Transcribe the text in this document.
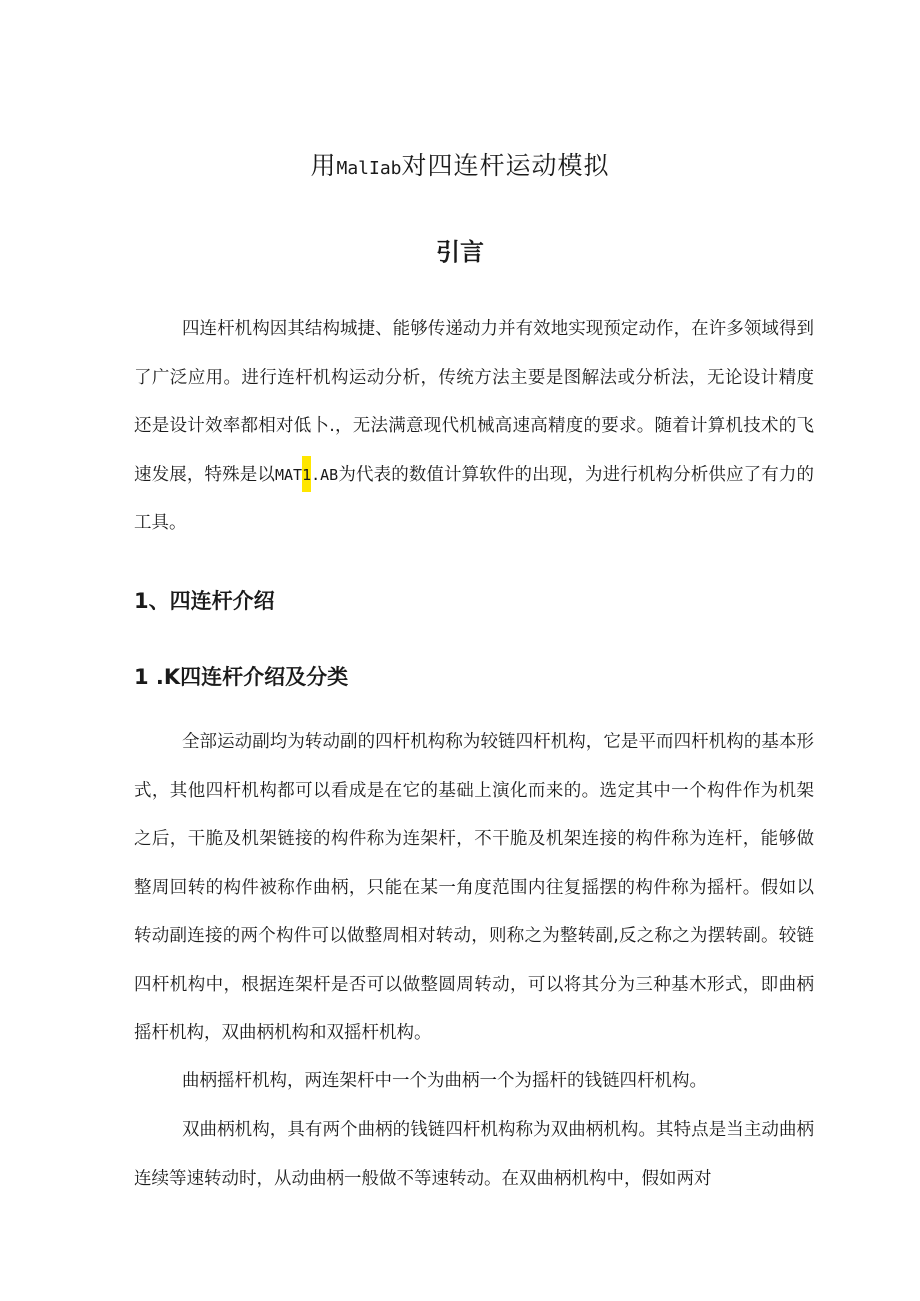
用MalIab对四连杆运动模拟
引言

四连杆机构因其结构城捷、能够传递动力并有效地实现预定动作，在许多领域得到了广泛应用。进行连杆机构运动分析，传统方法主要是图解法或分析法，无论设计精度还是设计效率都相对低卜.，无法满意现代机械高速高精度的要求。随着计算机技术的飞速发展，特殊是以MAT1.AB为代表的数值计算软件的出现，为进行机构分析供应了有力的工具。

1、四连杆介绍
1 .K四连杆介绍及分类

全部运动副均为转动副的四杆机构称为较链四杆机构，它是平而四杆机构的基本形式，其他四杆机构都可以看成是在它的基础上演化而来的。选定其中一个构件作为机架之后，干脆及机架链接的构件称为连架杆，不干脆及机架连接的构件称为连杆，能够做整周回转的构件被称作曲柄，只能在某一角度范围内往复摇摆的构件称为摇杆。假如以转动副连接的两个构件可以做整周相对转动，则称之为整转副,反之称之为摆转副。较链四杆机构中，根据连架杆是否可以做整圆周转动，可以将其分为三种基木形式，即曲柄摇杆机构，双曲柄机构和双摇杆机构。

曲柄摇杆机构，两连架杆中一个为曲柄一个为摇杆的钱链四杆机构。

双曲柄机构，具有两个曲柄的钱链四杆机构称为双曲柄机构。其特点是当主动曲柄连续等速转动时，从动曲柄一般做不等速转动。在双曲柄机构中，假如两对
